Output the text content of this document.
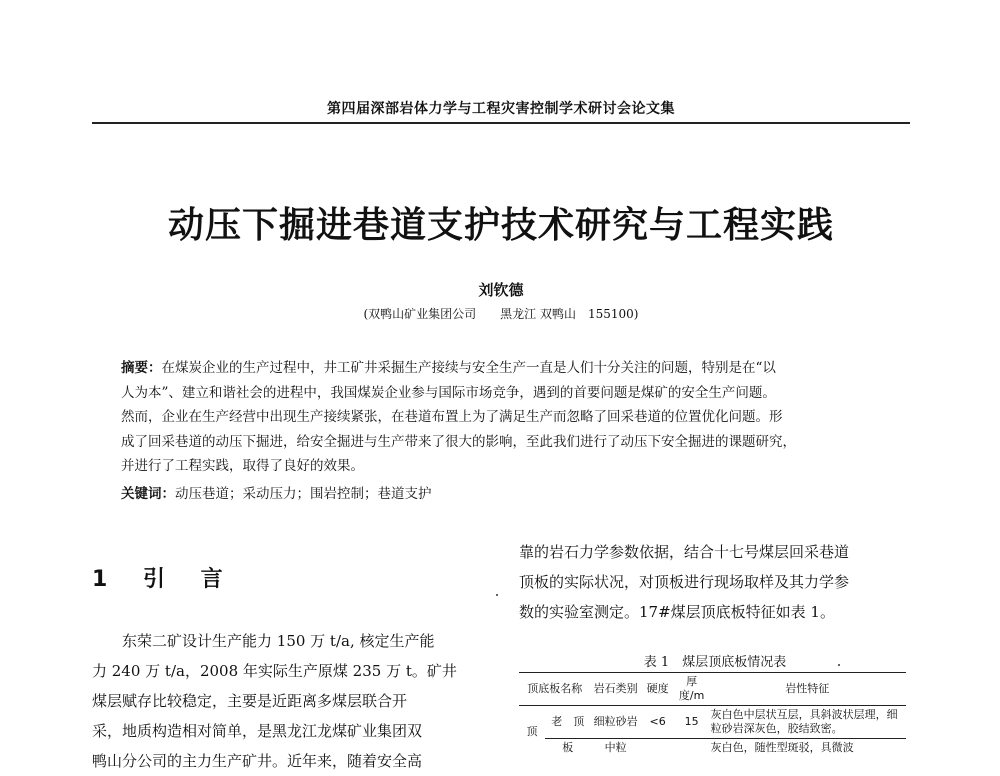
第四届深部岩体力学与工程灾害控制学术研讨会论文集
动压下掘进巷道支护技术研究与工程实践
刘钦德
(双鸭山矿业集团公司　　黑龙江 双鸭山　155100)
摘要：在煤炭企业的生产过程中，井工矿井采掘生产接续与安全生产一直是人们十分关注的问题，特别是在“以
人为本”、建立和谐社会的进程中，我国煤炭企业参与国际市场竞争，遇到的首要问题是煤矿的安全生产问题。
然而，企业在生产经营中出现生产接续紧张，在巷道布置上为了满足生产而忽略了回采巷道的位置优化问题。形
成了回采巷道的动压下掘进，给安全掘进与生产带来了很大的影响，至此我们进行了动压下安全掘进的课题研究，
并进行了工程实践，取得了良好的效果。
关键词：动压巷道；采动压力；围岩控制；巷道支护
1 引 言
　　东荣二矿设计生产能力 150 万 t/a, 核定生产能
力 240 万 t/a，2008 年实际生产原煤 235 万 t。矿井
煤层赋存比较稳定，主要是近距离多煤层联合开
采，地质构造相对简单，是黑龙江龙煤矿业集团双
鸭山分公司的主力生产矿井。近年来，随着安全高
靠的岩石力学参数依据，结合十七号煤层回采巷道
顶板的实际状况，对顶板进行现场取样及其力学参
数的实验室测定。17#煤层顶底板特征如表 1。
表 1　煤层顶底板情况表
顶底板名称		岩石类别	硬度	厚度/m	岩性特征
顶	老　顶	细粒砂岩	<6	15	灰白色中层状互层，具斜波状层理，细粒砂岩深灰色，胶结致密。
	板	中粒			灰白色，随性型斑驳，具微波
